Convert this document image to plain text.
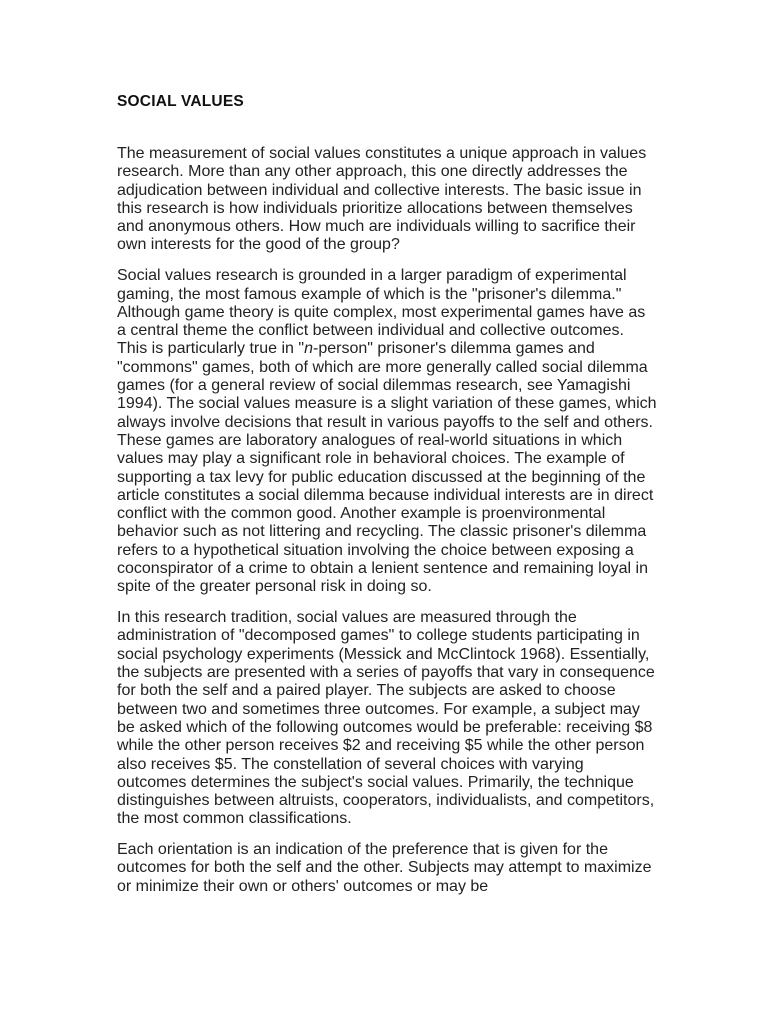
SOCIAL VALUES

The measurement of social values constitutes a unique approach in values research. More than any other approach, this one directly addresses the adjudication between individual and collective interests. The basic issue in this research is how individuals prioritize allocations between themselves and anonymous others. How much are individuals willing to sacrifice their own interests for the good of the group?

Social values research is grounded in a larger paradigm of experimental gaming, the most famous example of which is the "prisoner's dilemma." Although game theory is quite complex, most experimental games have as a central theme the conflict between individual and collective outcomes. This is particularly true in "n-person" prisoner's dilemma games and "commons" games, both of which are more generally called social dilemma games (for a general review of social dilemmas research, see Yamagishi 1994). The social values measure is a slight variation of these games, which always involve decisions that result in various payoffs to the self and others. These games are laboratory analogues of real-world situations in which values may play a significant role in behavioral choices. The example of supporting a tax levy for public education discussed at the beginning of the article constitutes a social dilemma because individual interests are in direct conflict with the common good. Another example is proenvironmental behavior such as not littering and recycling. The classic prisoner's dilemma refers to a hypothetical situation involving the choice between exposing a coconspirator of a crime to obtain a lenient sentence and remaining loyal in spite of the greater personal risk in doing so.

In this research tradition, social values are measured through the administration of "decomposed games" to college students participating in social psychology experiments (Messick and McClintock 1968). Essentially, the subjects are presented with a series of payoffs that vary in consequence for both the self and a paired player. The subjects are asked to choose between two and sometimes three outcomes. For example, a subject may be asked which of the following outcomes would be preferable: receiving $8 while the other person receives $2 and receiving $5 while the other person also receives $5. The constellation of several choices with varying outcomes determines the subject's social values. Primarily, the technique distinguishes between altruists, cooperators, individualists, and competitors, the most common classifications.

Each orientation is an indication of the preference that is given for the outcomes for both the self and the other. Subjects may attempt to maximize or minimize their own or others' outcomes or may be
